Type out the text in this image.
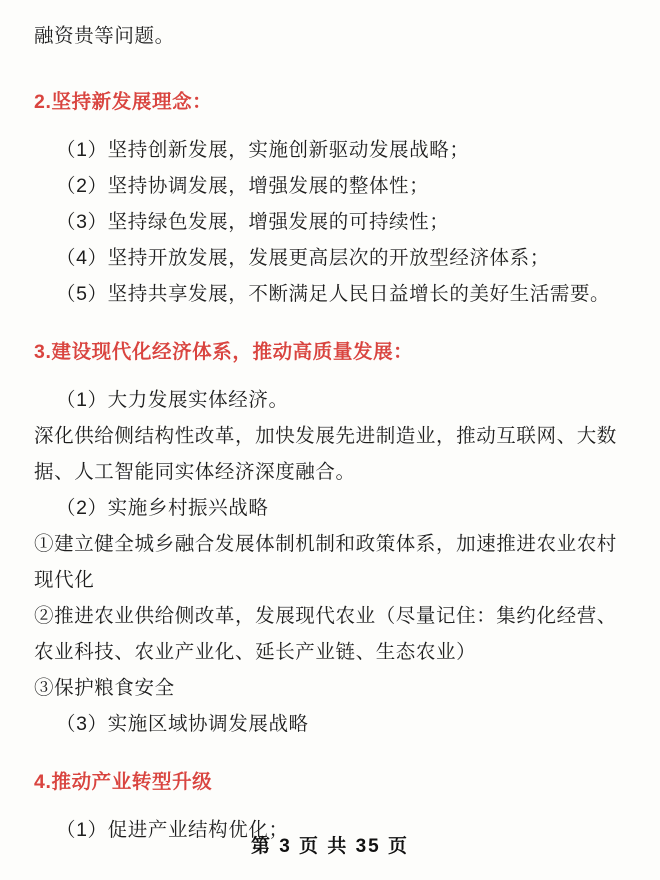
融资贵等问题。
2.坚持新发展理念：
（1）坚持创新发展，实施创新驱动发展战略；
（2）坚持协调发展，增强发展的整体性；
（3）坚持绿色发展，增强发展的可持续性；
（4）坚持开放发展，发展更高层次的开放型经济体系；
（5）坚持共享发展，不断满足人民日益增长的美好生活需要。
3.建设现代化经济体系，推动高质量发展：
（1）大力发展实体经济。
深化供给侧结构性改革，加快发展先进制造业，推动互联网、大数据、人工智能同实体经济深度融合。
（2）实施乡村振兴战略
①建立健全城乡融合发展体制机制和政策体系，加速推进农业农村现代化
②推进农业供给侧改革，发展现代农业（尽量记住：集约化经营、农业科技、农业产业化、延长产业链、生态农业）
③保护粮食安全
（3）实施区域协调发展战略
4.推动产业转型升级
（1）促进产业结构优化；
第 3 页 共 35 页
